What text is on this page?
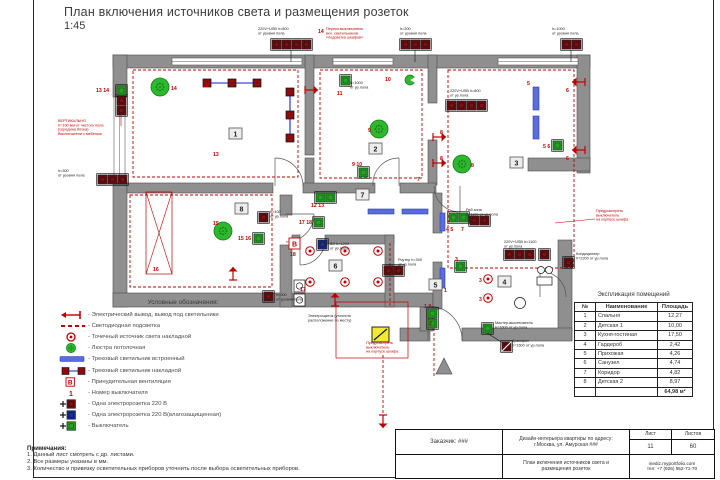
План включения источников света и размещения розеток
1:45
B
1
2
3
4
5
6
7
8
13 14	14	12
13
11
10
9
9 10	8
8
8
5
5 6
6
6
7
12 13
17 18
15
15 16
16
17
18
4 5 7
1
1 2
2
3
3
3
14
ВЕРТИКАЛЬНО
h=100 мм от чистого пола
(середина блока)
Выключатели с мебелью
Перекл.выключатель
вкл. светильников
«подсветка шкафов»
Предусмотреть
выключатель
на корпусе шкафа
Предусмотреть
выключатель
на корпусе шкафа
Электрощиток (уточнить
расположение по месту)
Мастер-выключатель
h=1600 от ур.пола
Домофон
h=1600 от ур.пола
Кондиционер
h=2200 от ур.пола
220V+USB h=800
от уровня пола
h=300
от уровня пола
h=1000
от уровня пола
h=1000
от ур.пола
220V+USB h=800
от ур.пола
Раб.зона
h=1100 от ур.пола
h=300
от уровня пола
h=300
от уровня пола
h=400
от ур.пола
ВЛ h=1200
от ур.пола
220V+USB h=1100
от ур.пола
Роутер h=300
от ур.пола
Условные обозначения:
- Электрический вывод, вывод под светильники
- Светодиодная подсветка
- Точечный источник света накладной
- Люстра потолочная
- Трековый светильник встроенный
- Трековый светильник накладной
B	- Принудительная вентиляция
1	- Номер выключателя
- Одна электророзетка 220 В
- Одна электророзетка 220 В(влагозащищенная)
- Выключатель
Примечания:
1. Данный лист смотреть с др. листами.
2. Все размеры указаны в мм.
3. Количество и привязку осветительных приборов уточнить после выбора осветительных приборов.
Экспликация помещений
№	Наименование	Площадь
1	Спальня	12,27
2	Детская 1	10,00
3	Кухня-гостиная	17,50
4	Гардероб	2,42
5	Прихожая	4,26
6	Санузел	4,74
7	Коридор	4,82
8	Детская 2	8,97
		64,98 м²
Заказчик: ###	Дизайн-интерьера квартиры по адресу:
г.Москва, ул. Амурская ###
Лист
11
Листов
60
План включения источников света и
размещения розеток
inediz.myportfolio.com
тел: +7 (926) 552-71-70
